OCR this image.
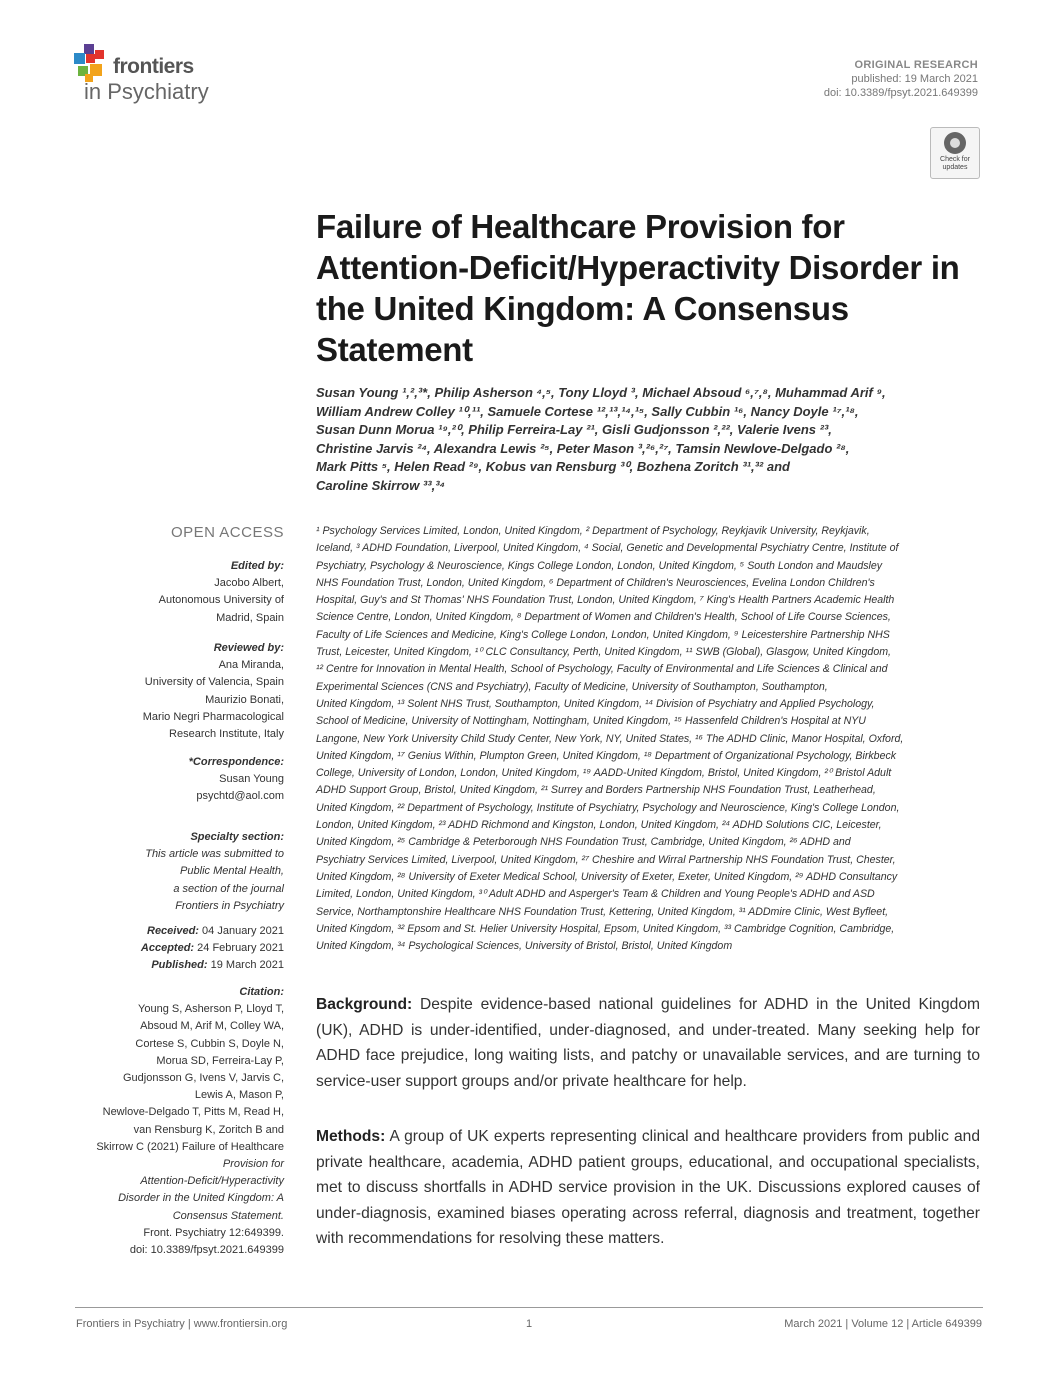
frontiers
in Psychiatry
ORIGINAL RESEARCH
published: 19 March 2021
doi: 10.3389/fpsyt.2021.649399
Check for updates
Failure of Healthcare Provision for Attention-Deficit/Hyperactivity Disorder in the United Kingdom: A Consensus Statement
Susan Young ¹,²,³*, Philip Asherson ⁴,⁵, Tony Lloyd ³, Michael Absoud ⁶,⁷,⁸, Muhammad Arif ⁹,
William Andrew Colley ¹⁰,¹¹, Samuele Cortese ¹²,¹³,¹⁴,¹⁵, Sally Cubbin ¹⁶, Nancy Doyle ¹⁷,¹⁸,
Susan Dunn Morua ¹⁹,²⁰, Philip Ferreira-Lay ²¹, Gisli Gudjonsson ²,²², Valerie Ivens ²³,
Christine Jarvis ²⁴, Alexandra Lewis ²⁵, Peter Mason ³,²⁶,²⁷, Tamsin Newlove-Delgado ²⁸,
Mark Pitts ⁵, Helen Read ²⁹, Kobus van Rensburg ³⁰, Bozhena Zoritch ³¹,³² and
Caroline Skirrow ³³,³⁴
¹ Psychology Services Limited, London, United Kingdom, ² Department of Psychology, Reykjavik University, Reykjavik,
Iceland, ³ ADHD Foundation, Liverpool, United Kingdom, ⁴ Social, Genetic and Developmental Psychiatry Centre, Institute of
Psychiatry, Psychology & Neuroscience, Kings College London, London, United Kingdom, ⁵ South London and Maudsley
NHS Foundation Trust, London, United Kingdom, ⁶ Department of Children's Neurosciences, Evelina London Children's
Hospital, Guy's and St Thomas' NHS Foundation Trust, London, United Kingdom, ⁷ King's Health Partners Academic Health
Science Centre, London, United Kingdom, ⁸ Department of Women and Children's Health, School of Life Course Sciences,
Faculty of Life Sciences and Medicine, King's College London, London, United Kingdom, ⁹ Leicestershire Partnership NHS
Trust, Leicester, United Kingdom, ¹⁰ CLC Consultancy, Perth, United Kingdom, ¹¹ SWB (Global), Glasgow, United Kingdom,
¹² Centre for Innovation in Mental Health, School of Psychology, Faculty of Environmental and Life Sciences & Clinical and
Experimental Sciences (CNS and Psychiatry), Faculty of Medicine, University of Southampton, Southampton,
United Kingdom, ¹³ Solent NHS Trust, Southampton, United Kingdom, ¹⁴ Division of Psychiatry and Applied Psychology,
School of Medicine, University of Nottingham, Nottingham, United Kingdom, ¹⁵ Hassenfeld Children's Hospital at NYU
Langone, New York University Child Study Center, New York, NY, United States, ¹⁶ The ADHD Clinic, Manor Hospital, Oxford,
United Kingdom, ¹⁷ Genius Within, Plumpton Green, United Kingdom, ¹⁸ Department of Organizational Psychology, Birkbeck
College, University of London, London, United Kingdom, ¹⁹ AADD-United Kingdom, Bristol, United Kingdom, ²⁰ Bristol Adult
ADHD Support Group, Bristol, United Kingdom, ²¹ Surrey and Borders Partnership NHS Foundation Trust, Leatherhead,
United Kingdom, ²² Department of Psychology, Institute of Psychiatry, Psychology and Neuroscience, King's College London,
London, United Kingdom, ²³ ADHD Richmond and Kingston, London, United Kingdom, ²⁴ ADHD Solutions CIC, Leicester,
United Kingdom, ²⁵ Cambridge & Peterborough NHS Foundation Trust, Cambridge, United Kingdom, ²⁶ ADHD and
Psychiatry Services Limited, Liverpool, United Kingdom, ²⁷ Cheshire and Wirral Partnership NHS Foundation Trust, Chester,
United Kingdom, ²⁸ University of Exeter Medical School, University of Exeter, Exeter, United Kingdom, ²⁹ ADHD Consultancy
Limited, London, United Kingdom, ³⁰ Adult ADHD and Asperger's Team & Children and Young People's ADHD and ASD
Service, Northamptonshire Healthcare NHS Foundation Trust, Kettering, United Kingdom, ³¹ ADDmire Clinic, West Byfleet,
United Kingdom, ³² Epsom and St. Helier University Hospital, Epsom, United Kingdom, ³³ Cambridge Cognition, Cambridge,
United Kingdom, ³⁴ Psychological Sciences, University of Bristol, Bristol, United Kingdom
OPEN ACCESS
Edited by:
Jacobo Albert,
Autonomous University of
Madrid, Spain
Reviewed by:
Ana Miranda,
University of Valencia, Spain
Maurizio Bonati,
Mario Negri Pharmacological
Research Institute, Italy
*Correspondence:
Susan Young
psychtd@aol.com
Specialty section:
This article was submitted to
Public Mental Health,
a section of the journal
Frontiers in Psychiatry
Received: 04 January 2021
Accepted: 24 February 2021
Published: 19 March 2021
Citation:
Young S, Asherson P, Lloyd T,
Absoud M, Arif M, Colley WA,
Cortese S, Cubbin S, Doyle N,
Morua SD, Ferreira-Lay P,
Gudjonsson G, Ivens V, Jarvis C,
Lewis A, Mason P,
Newlove-Delgado T, Pitts M, Read H,
van Rensburg K, Zoritch B and
Skirrow C (2021) Failure of Healthcare
Provision for
Attention-Deficit/Hyperactivity
Disorder in the United Kingdom: A
Consensus Statement.
Front. Psychiatry 12:649399.
doi: 10.3389/fpsyt.2021.649399
Background: Despite evidence-based national guidelines for ADHD in the United Kingdom (UK), ADHD is under-identified, under-diagnosed, and under-treated. Many seeking help for ADHD face prejudice, long waiting lists, and patchy or unavailable services, and are turning to service-user support groups and/or private healthcare for help.
Methods: A group of UK experts representing clinical and healthcare providers from public and private healthcare, academia, ADHD patient groups, educational, and occupational specialists, met to discuss shortfalls in ADHD service provision in the UK. Discussions explored causes of under-diagnosis, examined biases operating across referral, diagnosis and treatment, together with recommendations for resolving these matters.
Frontiers in Psychiatry | www.frontiersin.org	1	March 2021 | Volume 12 | Article 649399
